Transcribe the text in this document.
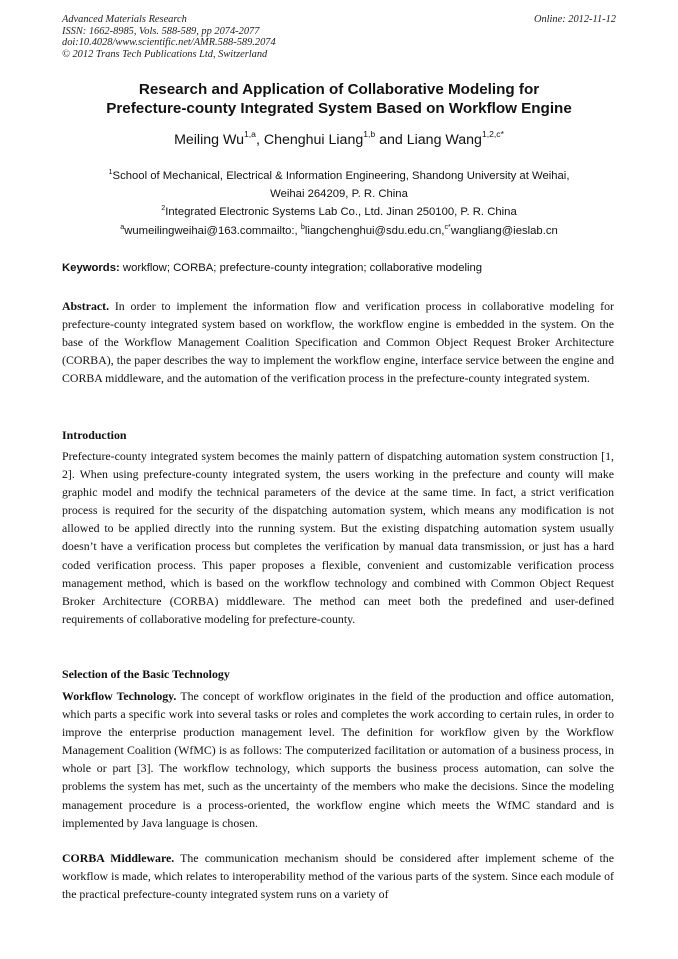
Advanced Materials Research
ISSN: 1662-8985, Vols. 588-589, pp 2074-2077
doi:10.4028/www.scientific.net/AMR.588-589.2074
© 2012 Trans Tech Publications Ltd, Switzerland
Online: 2012-11-12
Research and Application of Collaborative Modeling for
Prefecture-county Integrated System Based on Workflow Engine
Meiling Wu$^{1,a}$, Chenghui Liang$^{1,b}$ and Liang Wang$^{1,2,c*}$
$^1$School of Mechanical, Electrical & Information Engineering, Shandong University at Weihai,
Weihai 264209, P. R. China
$^2$Integrated Electronic Systems Lab Co., Ltd. Jinan 250100, P. R. China
$^a$wumeilingweihai@163.commailto:, $^b$liangchenghui@sdu.edu.cn,$^{c*}$wangliang@ieslab.cn
Keywords: workflow; CORBA; prefecture-county integration; collaborative modeling
Abstract. In order to implement the information flow and verification process in collaborative modeling for prefecture-county integrated system based on workflow, the workflow engine is embedded in the system. On the base of the Workflow Management Coalition Specification and Common Object Request Broker Architecture (CORBA), the paper describes the way to implement the workflow engine, interface service between the engine and CORBA middleware, and the automation of the verification process in the prefecture-county integrated system.
Introduction
Prefecture-county integrated system becomes the mainly pattern of dispatching automation system construction [1, 2]. When using prefecture-county integrated system, the users working in the prefecture and county will make graphic model and modify the technical parameters of the device at the same time. In fact, a strict verification process is required for the security of the dispatching automation system, which means any modification is not allowed to be applied directly into the running system. But the existing dispatching automation system usually doesn’t have a verification process but completes the verification by manual data transmission, or just has a hard coded verification process. This paper proposes a flexible, convenient and customizable verification process management method, which is based on the workflow technology and combined with Common Object Request Broker Architecture (CORBA) middleware. The method can meet both the predefined and user-defined requirements of collaborative modeling for prefecture-county.
Selection of the Basic Technology
Workflow Technology. The concept of workflow originates in the field of the production and office automation, which parts a specific work into several tasks or roles and completes the work according to certain rules, in order to improve the enterprise production management level. The definition for workflow given by the Workflow Management Coalition (WfMC) is as follows: The computerized facilitation or automation of a business process, in whole or part [3]. The workflow technology, which supports the business process automation, can solve the problems the system has met, such as the uncertainty of the members who make the decisions. Since the modeling management procedure is a process-oriented, the workflow engine which meets the WfMC standard and is implemented by Java language is chosen.
CORBA Middleware. The communication mechanism should be considered after implement scheme of the workflow is made, which relates to interoperability method of the various parts of the system. Since each module of the practical prefecture-county integrated system runs on a variety of
